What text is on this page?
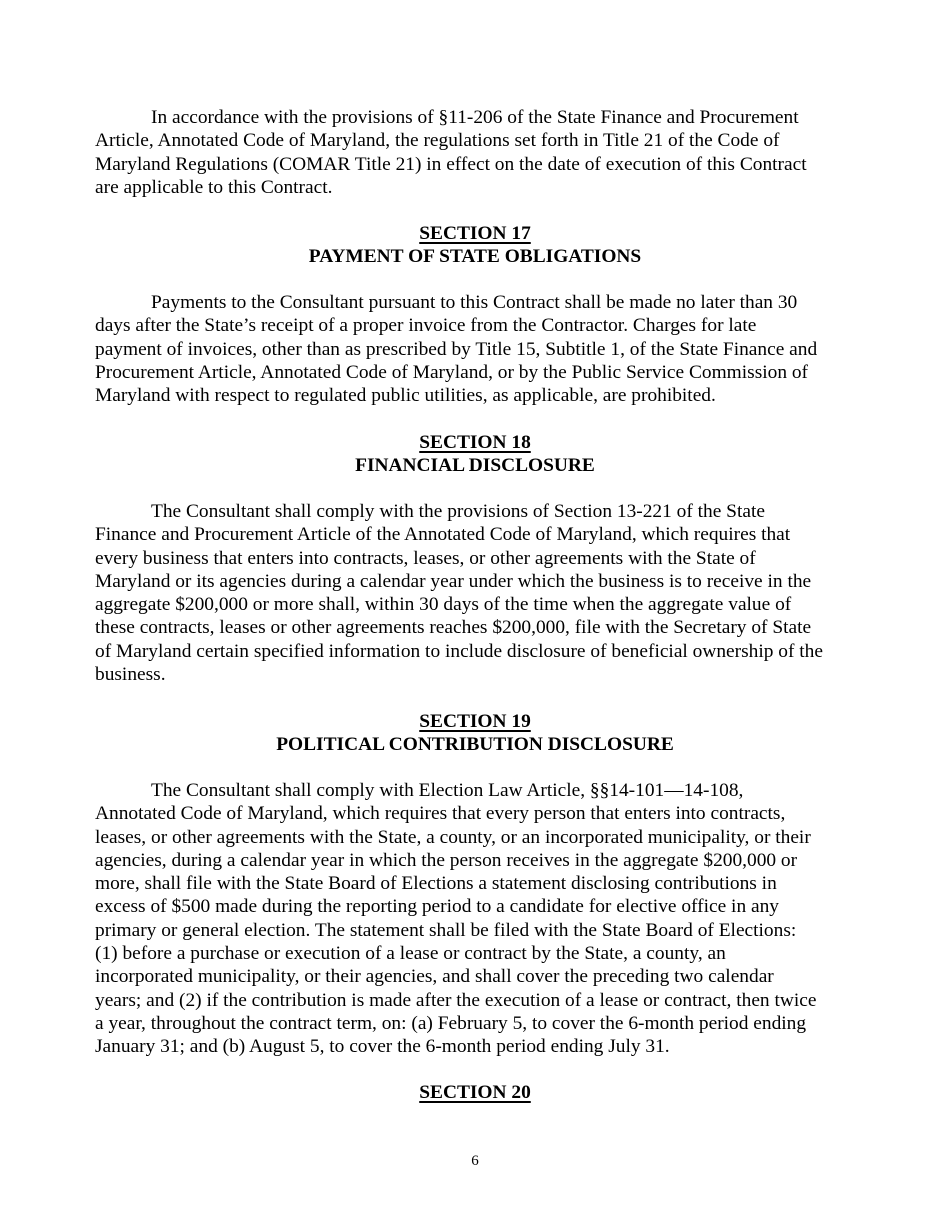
In accordance with the provisions of §11-206 of the State Finance and Procurement
Article, Annotated Code of Maryland, the regulations set forth in Title 21 of the Code of
Maryland Regulations (COMAR Title 21) in effect on the date of execution of this Contract
are applicable to this Contract.
SECTION 17
PAYMENT OF STATE OBLIGATIONS
Payments to the Consultant pursuant to this Contract shall be made no later than 30
days after the State’s receipt of a proper invoice from the Contractor. Charges for late
payment of invoices, other than as prescribed by Title 15, Subtitle 1, of the State Finance and
Procurement Article, Annotated Code of Maryland, or by the Public Service Commission of
Maryland with respect to regulated public utilities, as applicable, are prohibited.
SECTION 18
FINANCIAL DISCLOSURE
The Consultant shall comply with the provisions of Section 13-221 of the State
Finance and Procurement Article of the Annotated Code of Maryland, which requires that
every business that enters into contracts, leases, or other agreements with the State of
Maryland or its agencies during a calendar year under which the business is to receive in the
aggregate $200,000 or more shall, within 30 days of the time when the aggregate value of
these contracts, leases or other agreements reaches $200,000, file with the Secretary of State
of Maryland certain specified information to include disclosure of beneficial ownership of the
business.
SECTION 19
POLITICAL CONTRIBUTION DISCLOSURE
The Consultant shall comply with Election Law Article, §§14-101—14-108,
Annotated Code of Maryland, which requires that every person that enters into contracts,
leases, or other agreements with the State, a county, or an incorporated municipality, or their
agencies, during a calendar year in which the person receives in the aggregate $200,000 or
more, shall file with the State Board of Elections a statement disclosing contributions in
excess of $500 made during the reporting period to a candidate for elective office in any
primary or general election. The statement shall be filed with the State Board of Elections:
(1) before a purchase or execution of a lease or contract by the State, a county, an
incorporated municipality, or their agencies, and shall cover the preceding two calendar
years; and (2) if the contribution is made after the execution of a lease or contract, then twice
a year, throughout the contract term, on: (a) February 5, to cover the 6-month period ending
January 31; and (b) August 5, to cover the 6-month period ending July 31.
SECTION 20
6
